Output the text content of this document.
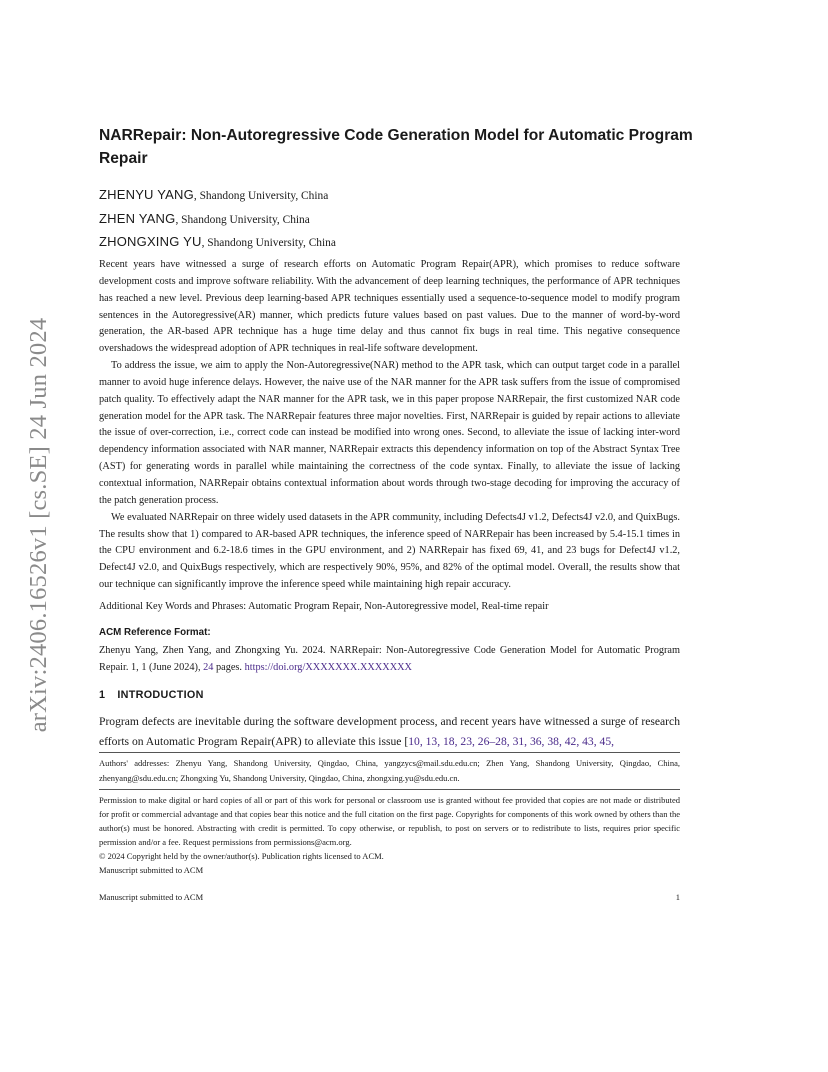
arXiv:2406.16526v1 [cs.SE] 24 Jun 2024
NARRepair: Non-Autoregressive Code Generation Model for Automatic Program Repair
ZHENYU YANG, Shandong University, China
ZHEN YANG, Shandong University, China
ZHONGXING YU, Shandong University, China

Recent years have witnessed a surge of research efforts on Automatic Program Repair(APR), which promises to reduce software development costs and improve software reliability. With the advancement of deep learning techniques, the performance of APR techniques has reached a new level. Previous deep learning-based APR techniques essentially used a sequence-to-sequence model to modify program sentences in the Autoregressive(AR) manner, which predicts future values based on past values. Due to the manner of word-by-word generation, the AR-based APR technique has a huge time delay and thus cannot fix bugs in real time. This negative consequence overshadows the widespread adoption of APR techniques in real-life software development.

To address the issue, we aim to apply the Non-Autoregressive(NAR) method to the APR task, which can output target code in a parallel manner to avoid huge inference delays. However, the naive use of the NAR manner for the APR task suffers from the issue of compromised patch quality. To effectively adapt the NAR manner for the APR task, we in this paper propose NARRepair, the first customized NAR code generation model for the APR task. The NARRepair features three major novelties. First, NARRepair is guided by repair actions to alleviate the issue of over-correction, i.e., correct code can instead be modified into wrong ones. Second, to alleviate the issue of lacking inter-word dependency information associated with NAR manner, NARRepair extracts this dependency information on top of the Abstract Syntax Tree (AST) for generating words in parallel while maintaining the correctness of the code syntax. Finally, to alleviate the issue of lacking contextual information, NARRepair obtains contextual information about words through two-stage decoding for improving the accuracy of the patch generation process.

We evaluated NARRepair on three widely used datasets in the APR community, including Defects4J v1.2, Defects4J v2.0, and QuixBugs. The results show that 1) compared to AR-based APR techniques, the inference speed of NARRepair has been increased by 5.4-15.1 times in the CPU environment and 6.2-18.6 times in the GPU environment, and 2) NARRepair has fixed 69, 41, and 23 bugs for Defect4J v1.2, Defect4J v2.0, and QuixBugs respectively, which are respectively 90%, 95%, and 82% of the optimal model. Overall, the results show that our technique can significantly improve the inference speed while maintaining high repair accuracy.

Additional Key Words and Phrases: Automatic Program Repair, Non-Autoregressive model, Real-time repair

ACM Reference Format:
Zhenyu Yang, Zhen Yang, and Zhongxing Yu. 2024. NARRepair: Non-Autoregressive Code Generation Model for Automatic Program Repair. 1, 1 (June 2024), 24 pages. https://doi.org/XXXXXXX.XXXXXXX
1 INTRODUCTION

Program defects are inevitable during the software development process, and recent years have witnessed a surge of research efforts on Automatic Program Repair(APR) to alleviate this issue [10, 13, 18, 23, 26–28, 31, 36, 38, 42, 43, 45,

Authors' addresses: Zhenyu Yang, Shandong University, Qingdao, China, yangzycs@mail.sdu.edu.cn; Zhen Yang, Shandong University, Qingdao, China, zhenyang@sdu.edu.cn; Zhongxing Yu, Shandong University, Qingdao, China, zhongxing.yu@sdu.edu.cn.
Permission to make digital or hard copies of all or part of this work for personal or classroom use is granted without fee provided that copies are not made or distributed for profit or commercial advantage and that copies bear this notice and the full citation on the first page. Copyrights for components of this work owned by others than the author(s) must be honored. Abstracting with credit is permitted. To copy otherwise, or republish, to post on servers or to redistribute to lists, requires prior specific permission and/or a fee. Request permissions from permissions@acm.org.
© 2024 Copyright held by the owner/author(s). Publication rights licensed to ACM.
Manuscript submitted to ACM
Manuscript submitted to ACM	1
